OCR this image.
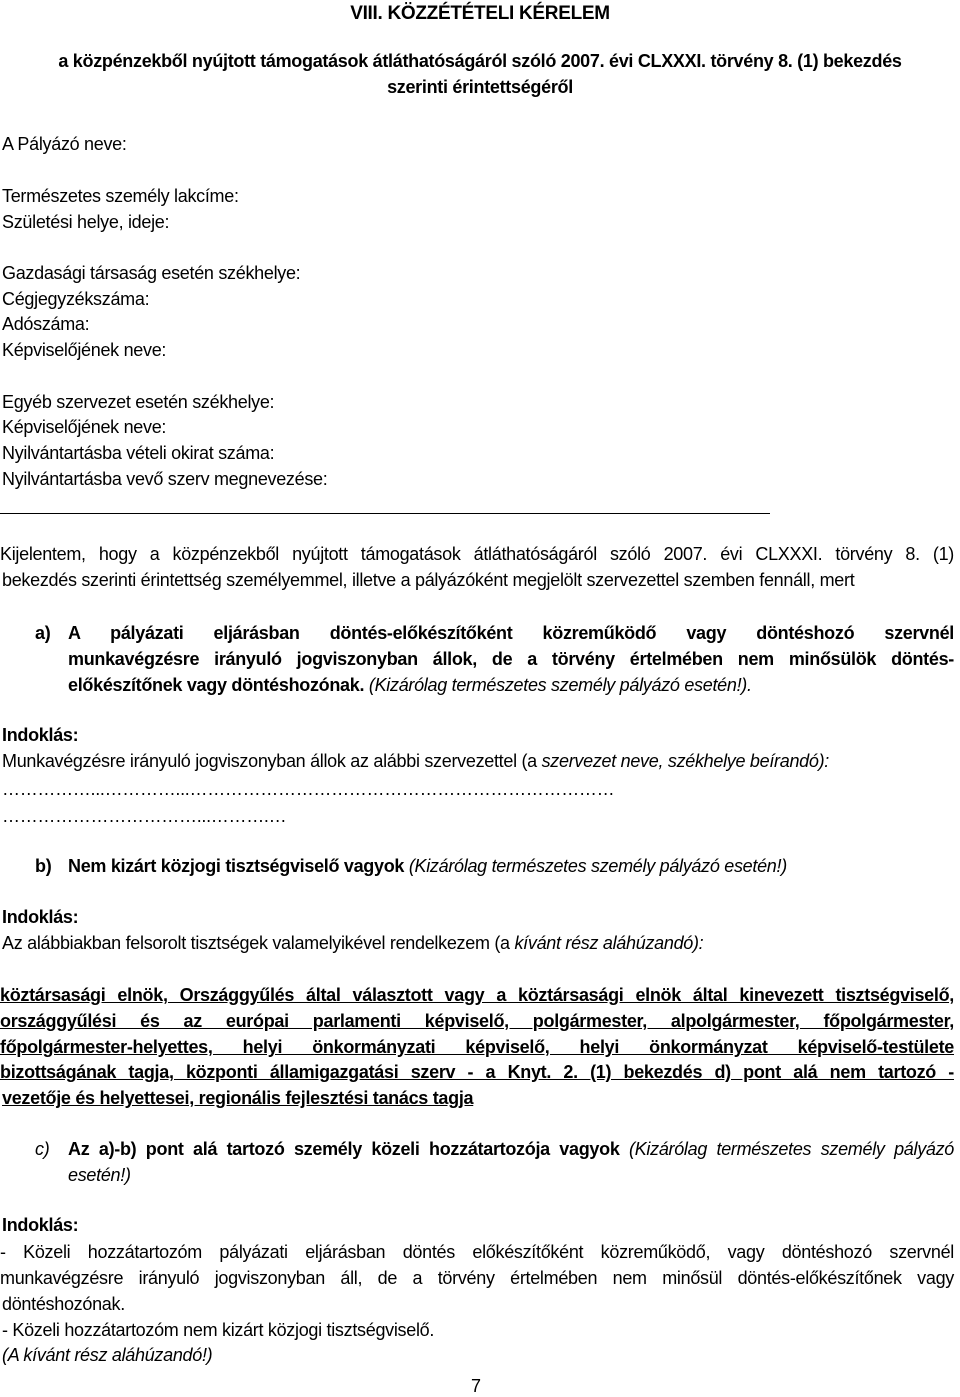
VIII. KÖZZÉTÉTELI KÉRELEM
a közpénzekből nyújtott támogatások átláthatóságáról szóló 2007. évi CLXXXI. törvény 8. (1) bekezdés
szerinti érintettségéről
A Pályázó neve:
Természetes személy lakcíme:
Születési helye, ideje:
Gazdasági társaság esetén székhelye:
Cégjegyzékszáma:
Adószáma:
Képviselőjének neve:
Egyéb szervezet esetén székhelye:
Képviselőjének neve:
Nyilvántartásba vételi okirat száma:
Nyilvántartásba vevő szerv megnevezése:
Kijelentem, hogy a közpénzekből nyújtott támogatások átláthatóságáról szóló 2007. évi CLXXXI. törvény 8. (1)
bekezdés szerinti érintettség személyemmel, illetve a pályázóként megjelölt szervezettel szemben fennáll, mert
a) A pályázati eljárásban döntés-előkészítőként közreműködő vagy döntéshozó szervnél
munkavégzésre irányuló jogviszonyban állok, de a törvény értelmében nem minősülök döntés-
előkészítőnek vagy döntéshozónak. (Kizárólag természetes személy pályázó esetén!).
Indoklás:
Munkavégzésre irányuló jogviszonyban állok az alábbi szervezettel (a szervezet neve, székhelye beírandó):
……………...…………...………………………………………………………………
……………………………...……….…
b) Nem kizárt közjogi tisztségviselő vagyok (Kizárólag természetes személy pályázó esetén!)
Indoklás:
Az alábbiakban felsorolt tisztségek valamelyikével rendelkezem (a kívánt rész aláhúzandó):
köztársasági elnök, Országgyűlés által választott vagy a köztársasági elnök által kinevezett tisztségviselő,
országgyűlési és az európai parlamenti képviselő, polgármester, alpolgármester, főpolgármester,
főpolgármester-helyettes, helyi önkormányzati képviselő, helyi önkormányzat képviselő-testülete
bizottságának tagja, központi államigazgatási szerv - a Knyt. 2. (1) bekezdés d) pont alá nem tartozó -
vezetője és helyettesei, regionális fejlesztési tanács tagja
c) Az a)-b) pont alá tartozó személy közeli hozzátartozója vagyok (Kizárólag természetes személy pályázó
esetén!)
Indoklás:
- Közeli hozzátartozóm pályázati eljárásban döntés előkészítőként közreműködő, vagy döntéshozó szervnél
munkavégzésre irányuló jogviszonyban áll, de a törvény értelmében nem minősül döntés-előkészítőnek vagy
döntéshozónak.
- Közeli hozzátartozóm nem kizárt közjogi tisztségviselő.
(A kívánt rész aláhúzandó!)
7
